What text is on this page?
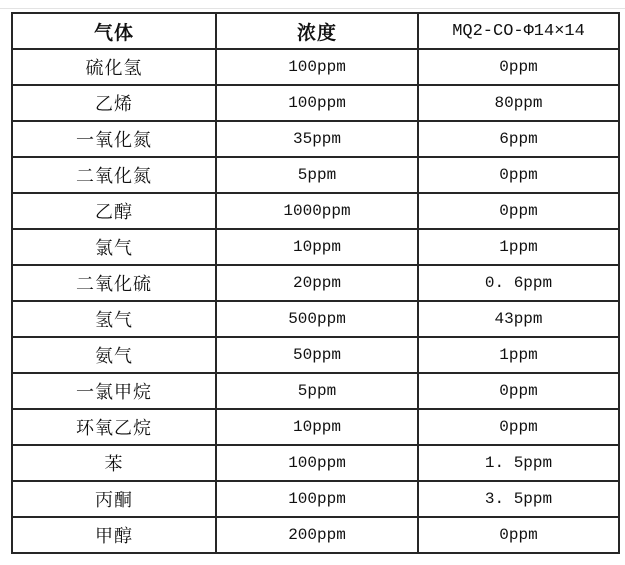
气体	浓度	MQ2-CO-Φ14×14
硫化氢	100ppm	0ppm
乙烯	100ppm	80ppm
一氧化氮	35ppm	6ppm
二氧化氮	5ppm	0ppm
乙醇	1000ppm	0ppm
氯气	10ppm	1ppm
二氧化硫	20ppm	0. 6ppm
氢气	500ppm	43ppm
氨气	50ppm	1ppm
一氯甲烷	5ppm	0ppm
环氧乙烷	10ppm	0ppm
苯	100ppm	1. 5ppm
丙酮	100ppm	3. 5ppm
甲醇	200ppm	0ppm
